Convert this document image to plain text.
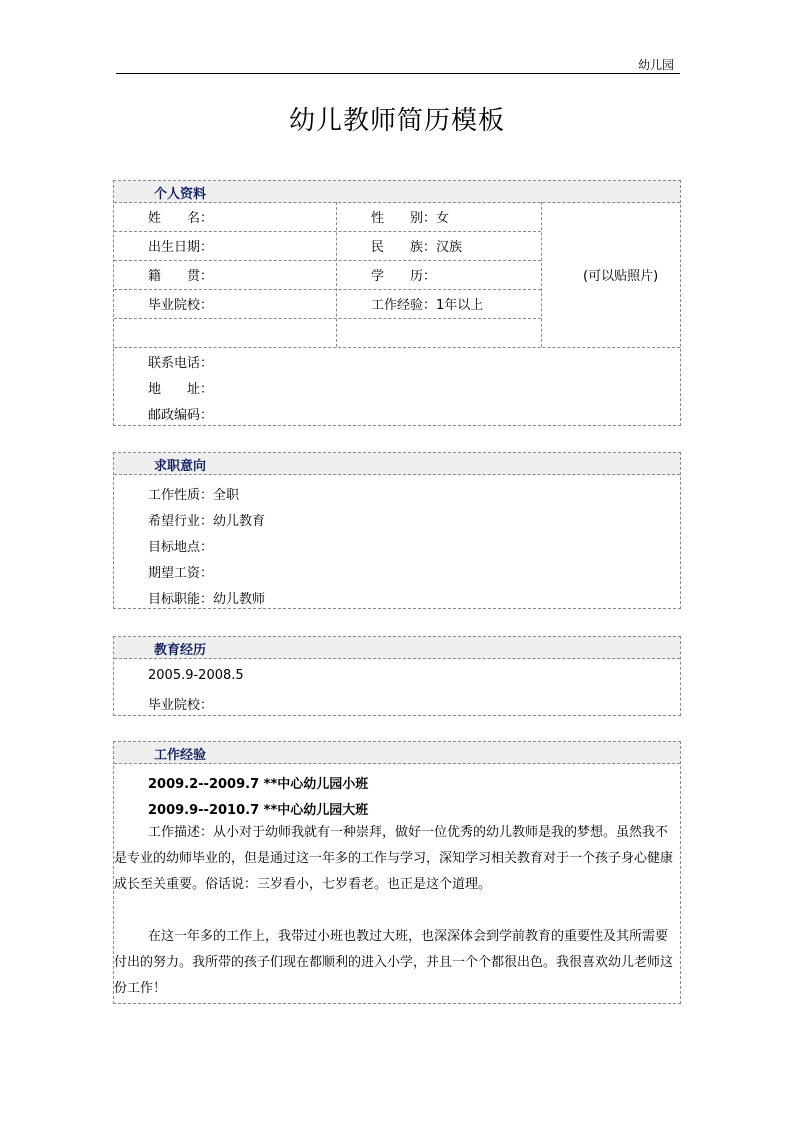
幼儿园
幼儿教师简历模板
个人资料
姓　　名：	性　　别：女
出生日期：	民　　族：汉族
籍　　贯：	学　　历：
毕业院校：	工作经验：1年以上
(可以贴照片)
联系电话：
地　　址：
邮政编码：
求职意向
工作性质：全职
希望行业：幼儿教育
目标地点：
期望工资：
目标职能：幼儿教师
教育经历
2005.9-2008.5
毕业院校：
工作经验
2009.2--2009.7 **中心幼儿园小班
2009.9--2010.7 **中心幼儿园大班
工作描述：从小对于幼师我就有一种崇拜，做好一位优秀的幼儿教师是我的梦想。虽然我不是专业的幼师毕业的，但是通过这一年多的工作与学习，深知学习相关教育对于一个孩子身心健康成长至关重要。俗话说：三岁看小，七岁看老。也正是这个道理。
在这一年多的工作上，我带过小班也教过大班，也深深体会到学前教育的重要性及其所需要付出的努力。我所带的孩子们现在都顺利的进入小学，并且一个个都很出色。我很喜欢幼儿老师这份工作！
